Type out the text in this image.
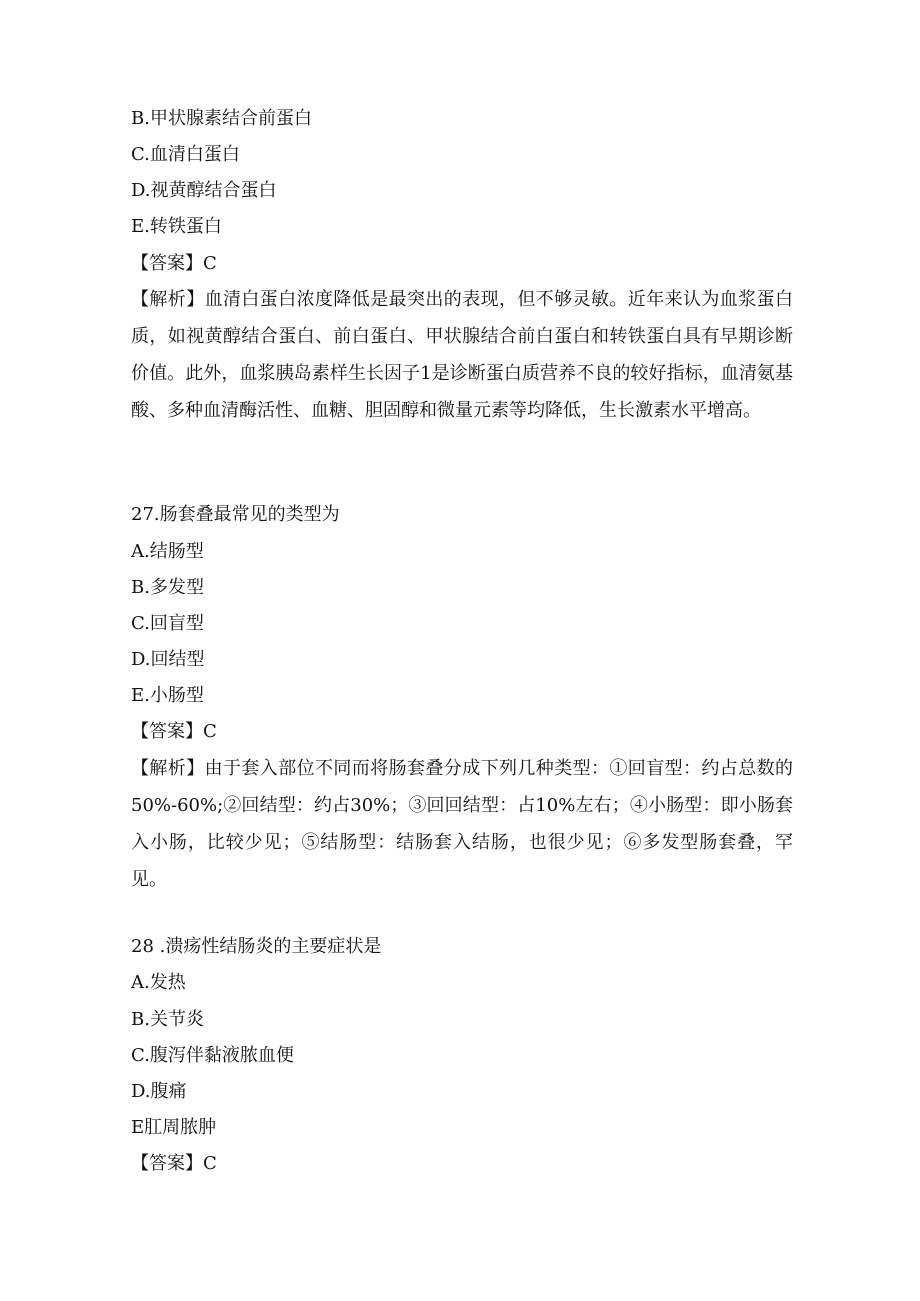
B.甲状腺素结合前蛋白
C.血清白蛋白
D.视黄醇结合蛋白
E.转铁蛋白
【答案】C
【解析】血清白蛋白浓度降低是最突出的表现，但不够灵敏。近年来认为血浆蛋白质，如视黄醇结合蛋白、前白蛋白、甲状腺结合前白蛋白和转铁蛋白具有早期诊断价值。此外，血浆胰岛素样生长因子1是诊断蛋白质营养不良的较好指标，血清氨基酸、多种血清酶活性、血糖、胆固醇和微量元素等均降低，生长激素水平增高。
27.肠套叠最常见的类型为
A.结肠型
B.多发型
C.回盲型
D.回结型
E.小肠型
【答案】C
【解析】由于套入部位不同而将肠套叠分成下列几种类型：①回盲型：约占总数的50%-60%;②回结型：约占30%；③回回结型：占10%左右；④小肠型：即小肠套入小肠，比较少见；⑤结肠型：结肠套入结肠，也很少见；⑥多发型肠套叠，罕见。
28 .溃疡性结肠炎的主要症状是
A.发热
B.关节炎
C.腹泻伴黏液脓血便
D.腹痛
E肛周脓肿
【答案】C
